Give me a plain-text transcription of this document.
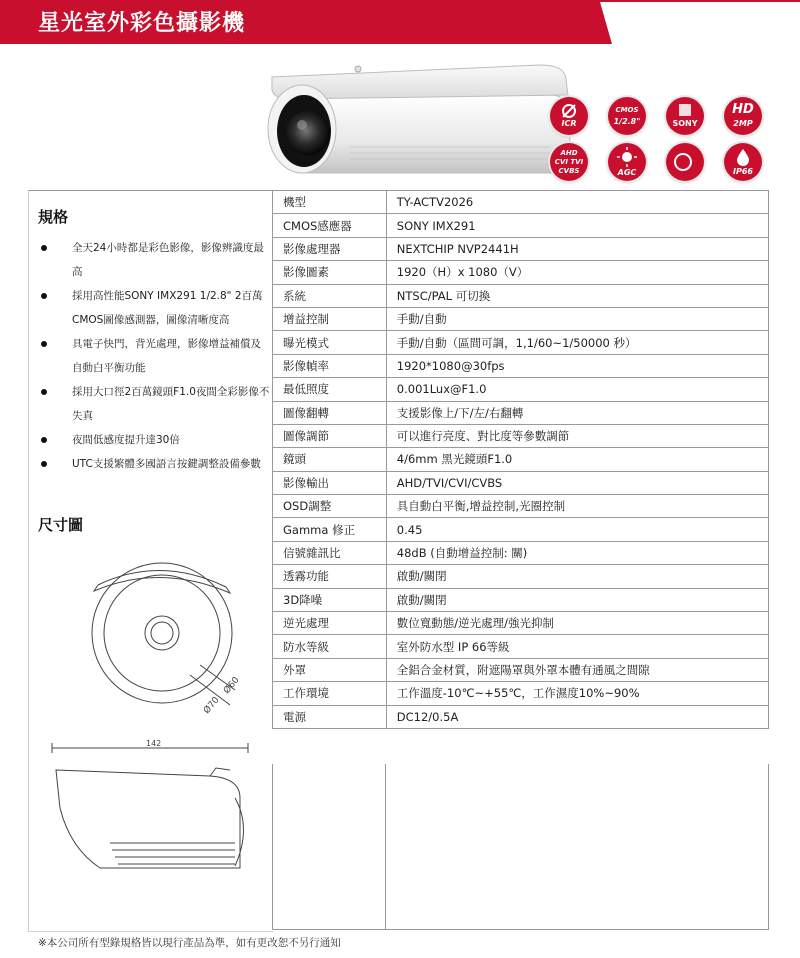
星光室外彩色攝影機
ICR
CMOS
1/2.8"	SONY
HD
2MP
AHD
CVI TVI
CVBS	AGC	IP66
規格
全天24小時都是彩色影像，影像辨識度最高
採用高性能SONY IMX291 1/2.8" 2百萬CMOS圖像感測器，圖像清晰度高
具電子快門，背光處理，影像增益補償及自動白平衡功能
採用大口徑2百萬鏡頭F1.0夜間全彩影像不失真
夜間低感度提升達30倍
UTC支援繁體多國語言按鍵調整設備參數
尺寸圖
Ø60
Ø70
142
機型	TY-ACTV2026
CMOS感應器	SONY IMX291
影像處理器	NEXTCHIP NVP2441H
影像圖素	1920（H）x 1080（V）
系統	NTSC/PAL 可切換
增益控制	手動/自動
曝光模式	手動/自動（區間可調，1,1/60~1/50000 秒）
影像幀率	1920*1080@30fps
最低照度	0.001Lux@F1.0
圖像翻轉	支援影像上/下/左/右翻轉
圖像調節	可以進行亮度、對比度等參數調節
鏡頭	4/6mm 黑光鏡頭F1.0
影像輸出	AHD/TVI/CVI/CVBS
OSD調整	具自動白平衡,增益控制,光圈控制
Gamma 修正	0.45
信號雜訊比	48dB (自動增益控制: 關)
透霧功能	啟動/關閉
3D降噪	啟動/關閉
逆光處理	數位寬動態/逆光處理/強光抑制
防水等級	室外防水型 IP 66等級
外罩	全鋁合金材質，附遮陽罩與外罩本體有通風之間隙
工作環境	工作溫度-10℃~+55℃，工作濕度10%~90%
電源	DC12/0.5A
※本公司所有型錄規格皆以現行產品為準，如有更改恕不另行通知
